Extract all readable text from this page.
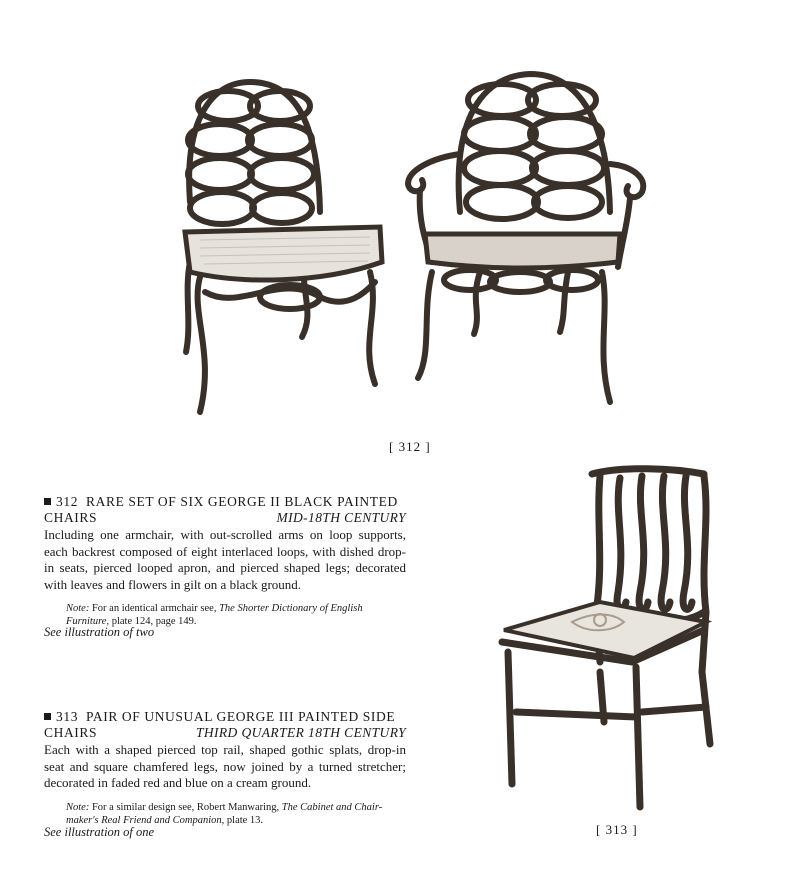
[ 312 ]
312 RARE SET OF SIX GEORGE II BLACK PAINTED
CHAIRS	MID-18TH CENTURY
Including one armchair, with out-scrolled arms on loop supports, each backrest composed of eight interlaced loops, with dished drop-in seats, pierced looped apron, and pierced shaped legs; decorated with leaves and flowers in gilt on a black ground.
Note: For an identical armchair see, The Shorter Dictionary of English Furniture, plate 124, page 149.
See illustration of two
[ 313 ]
313 PAIR OF UNUSUAL GEORGE III PAINTED SIDE
CHAIRS	THIRD QUARTER 18TH CENTURY
Each with a shaped pierced top rail, shaped gothic splats, drop-in seat and square chamfered legs, now joined by a turned stretcher; decorated in faded red and blue on a cream ground.
Note: For a similar design see, Robert Manwaring, The Cabinet and Chair-maker's Real Friend and Companion, plate 13.
See illustration of one
